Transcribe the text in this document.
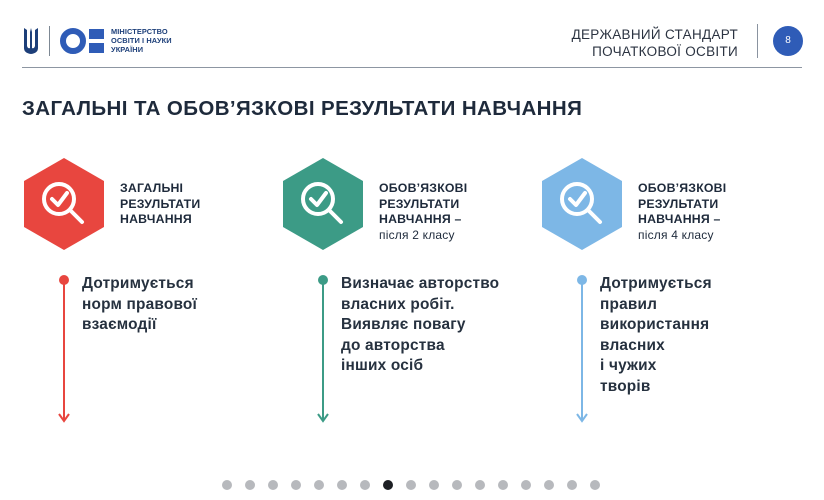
МІНІСТЕРСТВО
ОСВІТИ І НАУКИ
УКРАЇНИ
ДЕРЖАВНИЙ СТАНДАРТ
ПОЧАТКОВОЇ ОСВІТИ
8
ЗАГАЛЬНІ ТА ОБОВ’ЯЗКОВІ РЕЗУЛЬТАТИ НАВЧАННЯ
ЗАГАЛЬНІ
РЕЗУЛЬТАТИ
НАВЧАННЯ
Дотримується
норм правової
взаємодії
ОБОВ’ЯЗКОВІ
РЕЗУЛЬТАТИ
НАВЧАННЯ –
після 2 класу
Визначає авторство
власних робіт.
Виявляє повагу
до авторства
інших осіб
ОБОВ’ЯЗКОВІ
РЕЗУЛЬТАТИ
НАВЧАННЯ –
після 4 класу
Дотримується
правил
використання
власних
і чужих
творів
